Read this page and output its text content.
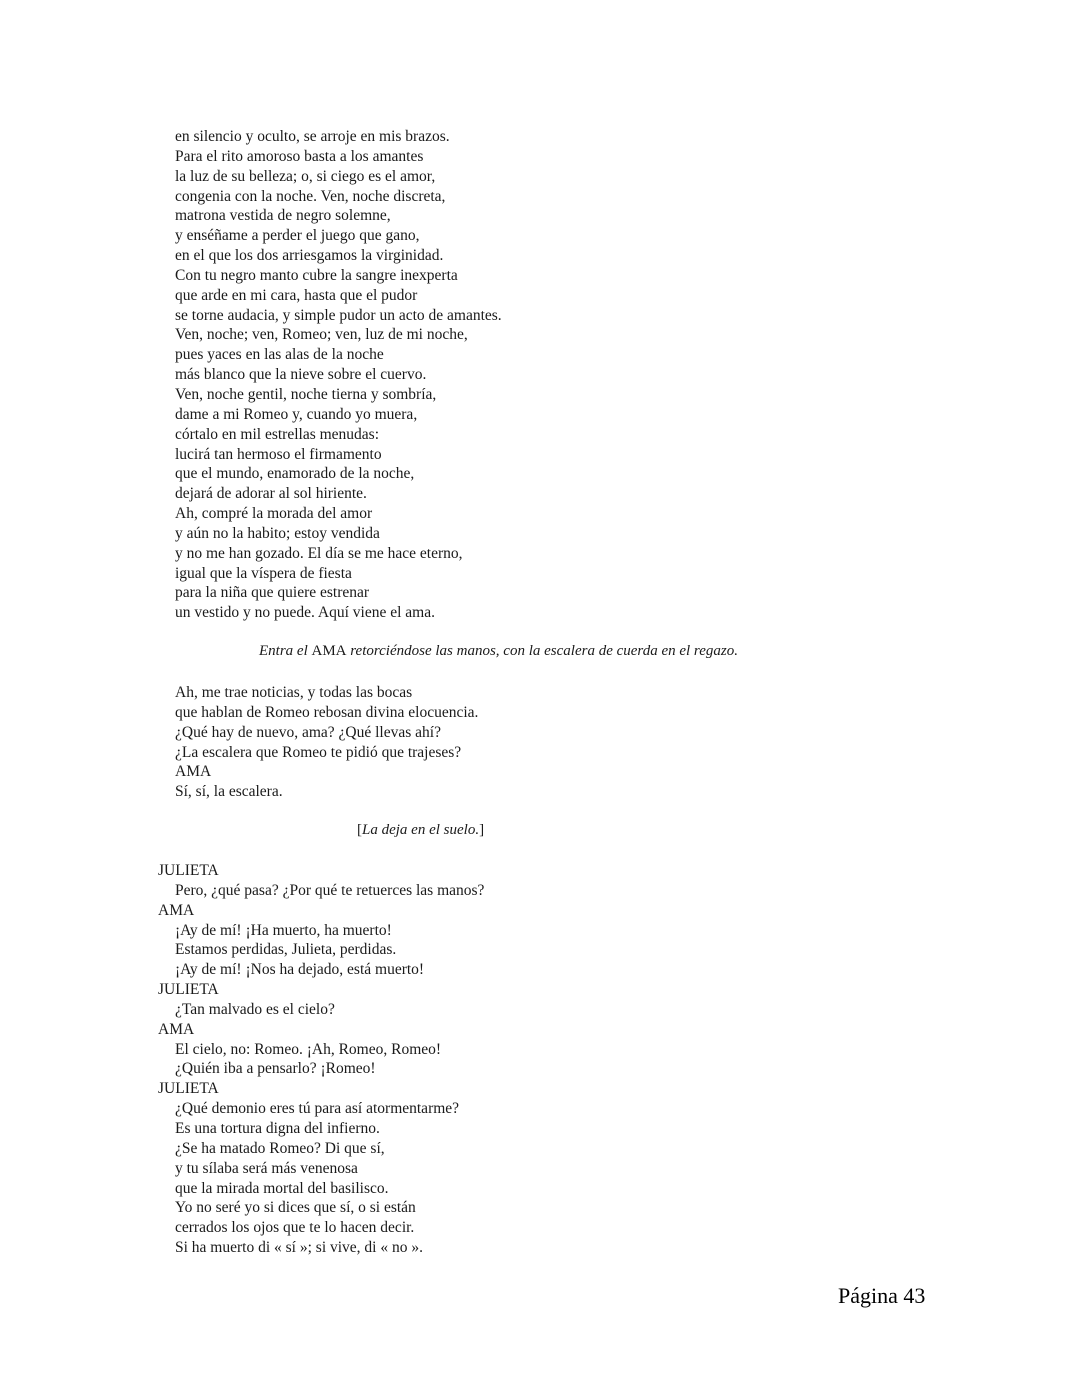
en silencio y oculto, se arroje en mis brazos.
Para el rito amoroso basta a los amantes
la luz de su belleza; o, si ciego es el amor,
congenia con la noche. Ven, noche discreta,
matrona vestida de negro solemne,
y enséñame a perder el juego que gano,
en el que los dos arriesgamos la virginidad.
Con tu negro manto cubre la sangre inexperta
que arde en mi cara, hasta que el pudor
se torne audacia, y simple pudor un acto de amantes.
Ven, noche; ven, Romeo; ven, luz de mi noche,
pues yaces en las alas de la noche
más blanco que la nieve sobre el cuervo.
Ven, noche gentil, noche tierna y sombría,
dame a mi Romeo y, cuando yo muera,
córtalo en mil estrellas menudas:
lucirá tan hermoso el firmamento
que el mundo, enamorado de la noche,
dejará de adorar al sol hiriente.
Ah, compré la morada del amor
y aún no la habito; estoy vendida
y no me han gozado. El día se me hace eterno,
igual que la víspera de fiesta
para la niña que quiere estrenar
un vestido y no puede. Aquí viene el ama.
Entra el AMA retorciéndose las manos, con la escalera de cuerda en el regazo.
Ah, me trae noticias, y todas las bocas
que hablan de Romeo rebosan divina elocuencia.
¿Qué hay de nuevo, ama? ¿Qué llevas ahí?
¿La escalera que Romeo te pidió que trajeses?
AMA
Sí, sí, la escalera.
[La deja en el suelo.]
JULIETA
Pero, ¿qué pasa? ¿Por qué te retuerces las manos?
AMA
¡Ay de mí! ¡Ha muerto, ha muerto!
Estamos perdidas, Julieta, perdidas.
¡Ay de mí! ¡Nos ha dejado, está muerto!
JULIETA
¿Tan malvado es el cielo?
AMA
El cielo, no: Romeo. ¡Ah, Romeo, Romeo!
¿Quién iba a pensarlo? ¡Romeo!
JULIETA
¿Qué demonio eres tú para así atormentarme?
Es una tortura digna del infierno.
¿Se ha matado Romeo? Di que sí,
y tu sílaba será más venenosa
que la mirada mortal del basilisco.
Yo no seré yo si dices que sí, o si están
cerrados los ojos que te lo hacen decir.
Si ha muerto di « sí »; si vive, di « no ».
Página 43
